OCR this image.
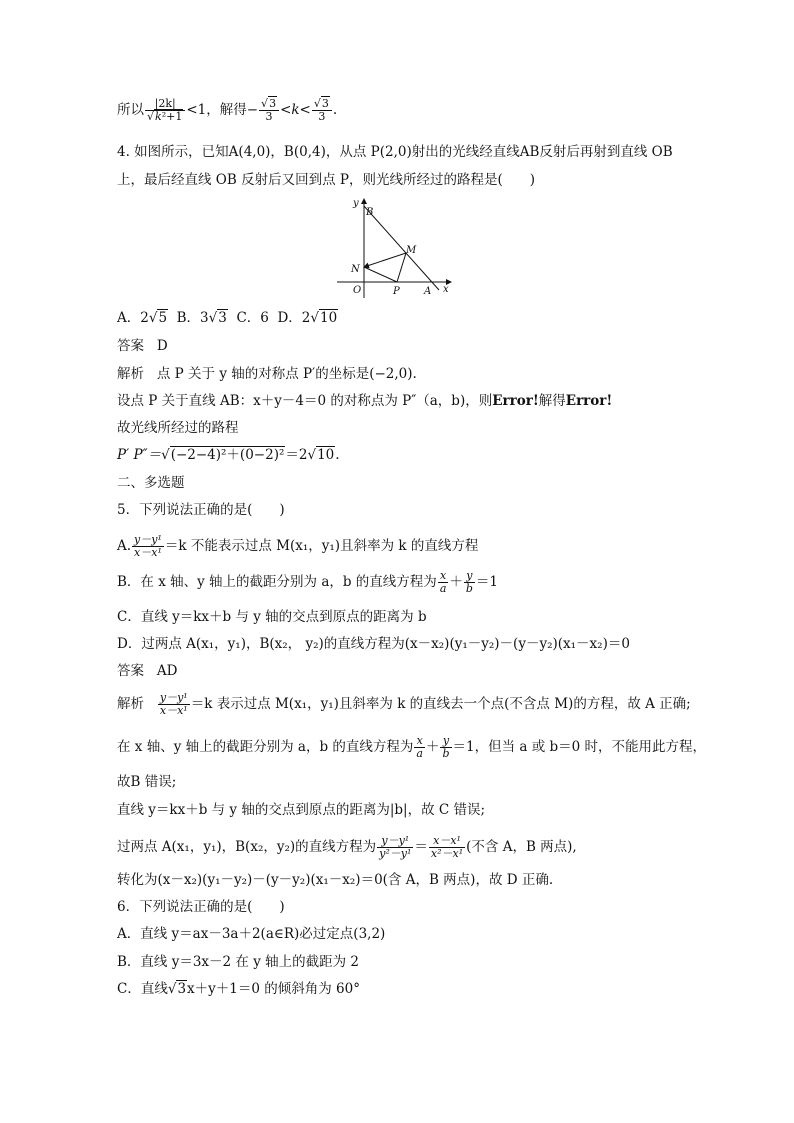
所以 $\frac{|2k|}{\text{√k²+1}} <1$，解得− $\frac{√3}{3} <k< \frac{√3}{3}$ .
4. 如图所示，已知A(4,0)，B(0,4)，从点 P(2,0)射出的光线经直线AB反射后再射到直线 OB
上，最后经直线 OB 反射后又回到点 P，则光线所经过的路程是(　　)
A．2√5 B．3√3 C．6 D．2√10
答案 D
解析 点 P 关于 y 轴的对称点 P′的坐标是(−2,0).
设点 P 关于直线 AB：x＋y－4＝0 的对称点为 P″（a，b)，则Error!解得Error!
故光线所经过的路程
P′ P″＝√(−2−4)²＋(0−2)²＝2√10.
二、多选题
5．下列说法正确的是(　　)
A. $\frac{\text{y－y¹}}{\text{x－x¹}} =k$ 不能表示过点 M(x₁，y₁)且斜率为 k 的直线方程
B．在 x 轴、y 轴上的截距分别为 a，b 的直线方程为 $\frac{x}{a} + \frac{y}{b} =1$
C．直线 y＝kx＋b 与 y 轴的交点到原点的距离为 b
D．过两点 A(x₁，y₁)，B(x₂， y₂)的直线方程为(x－x₂)(y₁－y₂)－(y－y₂)(x₁－x₂)＝0
答案 AD
解析 $\frac{\text{y－y¹}}{\text{x－x¹}} =k$ 表示过点 M(x₁，y₁)且斜率为 k 的直线去一个点(不含点 M)的方程，故 A 正确;
在 x 轴、y 轴上的截距分别为 a，b 的直线方程为 $\frac{x}{a} + \frac{y}{b} =1$，但当 a 或 b＝0 时，不能用此方程，
故B 错误;
直线 y＝kx＋b 与 y 轴的交点到原点的距离为|b|，故 C 错误;
过两点 A(x₁，y₁)，B(x₂，y₂)的直线方程为 $\frac{\text{y－y¹}}{\text{y²－y¹}} = \frac{\text{x－x¹}}{\text{x²－x¹}}$ (不含 A，B 两点),
转化为(x－x₂)(y₁－y₂)－(y－y₂)(x₁－x₂)＝0(含 A，B 两点)，故 D 正确.
6．下列说法正确的是(　　)
A．直线 y＝ax－3a＋2(a∈R)必过定点(3,2)
B．直线 y＝3x－2 在 y 轴上的截距为 2
C．直线√3x＋y＋1＝0 的倾斜角为 60°
y
B
M
N
O	P A x
